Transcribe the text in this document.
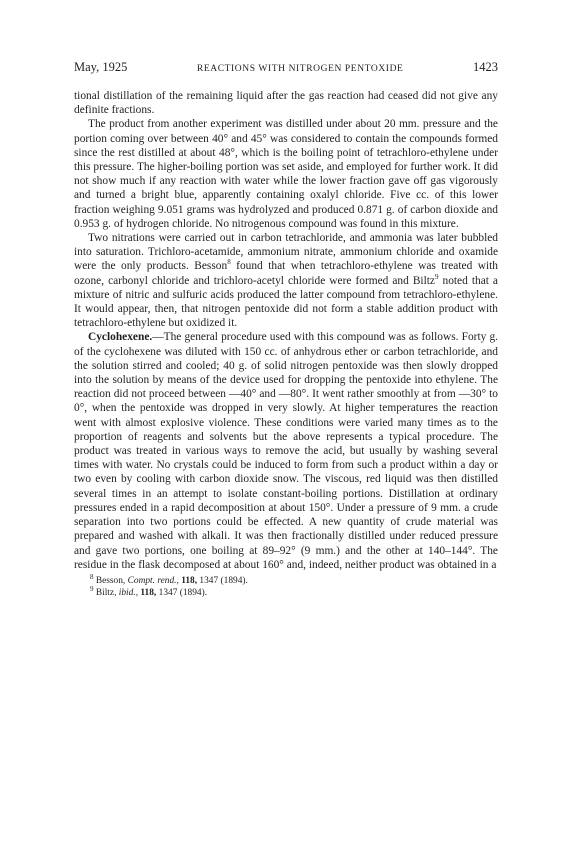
May, 1925	REACTIONS WITH NITROGEN PENTOXIDE	1423

tional distillation of the remaining liquid after the gas reaction had ceased did not give any definite fractions.

The product from another experiment was distilled under about 20 mm. pressure and the portion coming over between 40° and 45° was considered to contain the compounds formed since the rest distilled at about 48°, which is the boiling point of tetrachloro-ethylene under this pressure. The higher-boiling portion was set aside, and employed for further work. It did not show much if any reaction with water while the lower fraction gave off gas vigorously and turned a bright blue, apparently containing oxalyl chloride. Five cc. of this lower fraction weighing 9.051 grams was hydrolyzed and produced 0.871 g. of carbon dioxide and 0.953 g. of hydrogen chloride. No nitrogenous compound was found in this mixture.

Two nitrations were carried out in carbon tetrachloride, and ammonia was later bubbled into saturation. Trichloro-acetamide, ammonium nitrate, ammonium chloride and oxamide were the only products. Besson$^8$ found that when tetrachloro-ethylene was treated with ozone, carbonyl chloride and trichloro-acetyl chloride were formed and Biltz$^9$ noted that a mixture of nitric and sulfuric acids produced the latter compound from tetrachloro-ethylene. It would appear, then, that nitrogen pentoxide did not form a stable addition product with tetrachloro-ethylene but oxidized it.

Cyclohexene.—The general procedure used with this compound was as follows. Forty g. of the cyclohexene was diluted with 150 cc. of anhydrous ether or carbon tetrachloride, and the solution stirred and cooled; 40 g. of solid nitrogen pentoxide was then slowly dropped into the solution by means of the device used for dropping the pentoxide into ethylene. The reaction did not proceed between —40° and —80°. It went rather smoothly at from —30° to 0°, when the pentoxide was dropped in very slowly. At higher temperatures the reaction went with almost explosive violence. These conditions were varied many times as to the proportion of reagents and solvents but the above represents a typical procedure. The product was treated in various ways to remove the acid, but usually by washing several times with water. No crystals could be induced to form from such a product within a day or two even by cooling with carbon dioxide snow. The viscous, red liquid was then distilled several times in an attempt to isolate constant-boiling portions. Distillation at ordinary pressures ended in a rapid decomposition at about 150°. Under a pressure of 9 mm. a crude separation into two portions could be effected. A new quantity of crude material was prepared and washed with alkali. It was then fractionally distilled under reduced pressure and gave two portions, one boiling at 89–92° (9 mm.) and the other at 140–144°. The residue in the flask decomposed at about 160° and, indeed, neither product was obtained in a

$^8$ Besson, Compt. rend., 118, 1347 (1894).

$^9$ Biltz, ibid., 118, 1347 (1894).
